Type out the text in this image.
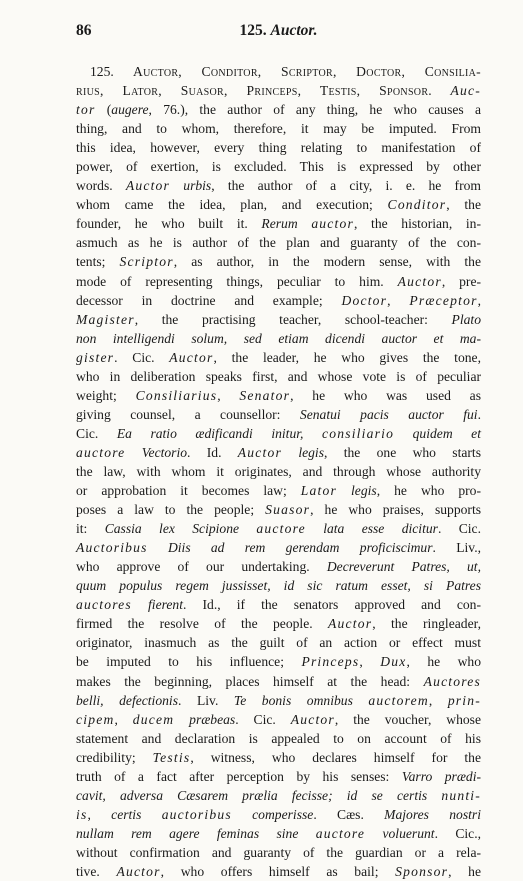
86	125. Auctor.
125. Auctor, Conditor, Scriptor, Doctor, Consilia-
rius, Lator, Suasor, Princeps, Testis, Sponsor. Auc-
tor (augere, 76.), the author of any thing, he who causes a
thing, and to whom, therefore, it may be imputed. From
this idea, however, every thing relating to manifestation of
power, of exertion, is excluded. This is expressed by other
words. Auctor urbis, the author of a city, i. e. he from
whom came the idea, plan, and execution; Conditor, the
founder, he who built it. Rerum auctor, the historian, in-
asmuch as he is author of the plan and guaranty of the con-
tents; Scriptor, as author, in the modern sense, with the
mode of representing things, peculiar to him. Auctor, pre-
decessor in doctrine and example; Doctor, Præceptor,
Magister, the practising teacher, school-teacher: Plato
non intelligendi solum, sed etiam dicendi auctor et ma-
gister. Cic. Auctor, the leader, he who gives the tone,
who in deliberation speaks first, and whose vote is of peculiar
weight; Consiliarius, Senator, he who was used as
giving counsel, a counsellor: Senatui pacis auctor fui.
Cic. Ea ratio ædificandi initur, consiliario quidem et
auctore Vectorio. Id. Auctor legis, the one who starts
the law, with whom it originates, and through whose authority
or approbation it becomes law; Lator legis, he who pro-
poses a law to the people; Suasor, he who praises, supports
it: Cassia lex Scipione auctore lata esse dicitur. Cic.
Auctoribus Diis ad rem gerendam proficiscimur. Liv.,
who approve of our undertaking. Decreverunt Patres, ut,
quum populus regem jussisset, id sic ratum esset, si Patres
auctores fierent. Id., if the senators approved and con-
firmed the resolve of the people. Auctor, the ringleader,
originator, inasmuch as the guilt of an action or effect must
be imputed to his influence; Princeps, Dux, he who
makes the beginning, places himself at the head: Auctores
belli, defectionis. Liv. Te bonis omnibus auctorem, prin-
cipem, ducem præbeas. Cic. Auctor, the voucher, whose
statement and declaration is appealed to on account of his
credibility; Testis, witness, who declares himself for the
truth of a fact after perception by his senses: Varro prædi-
cavit, adversa Cæsarem prælia fecisse; id se certis nunti-
is, certis auctoribus comperisse. Cæs. Majores nostri
nullam rem agere feminas sine auctore voluerunt. Cic.,
without confirmation and guaranty of the guardian or a rela-
tive. Auctor, who offers himself as bail; Sponsor, he
